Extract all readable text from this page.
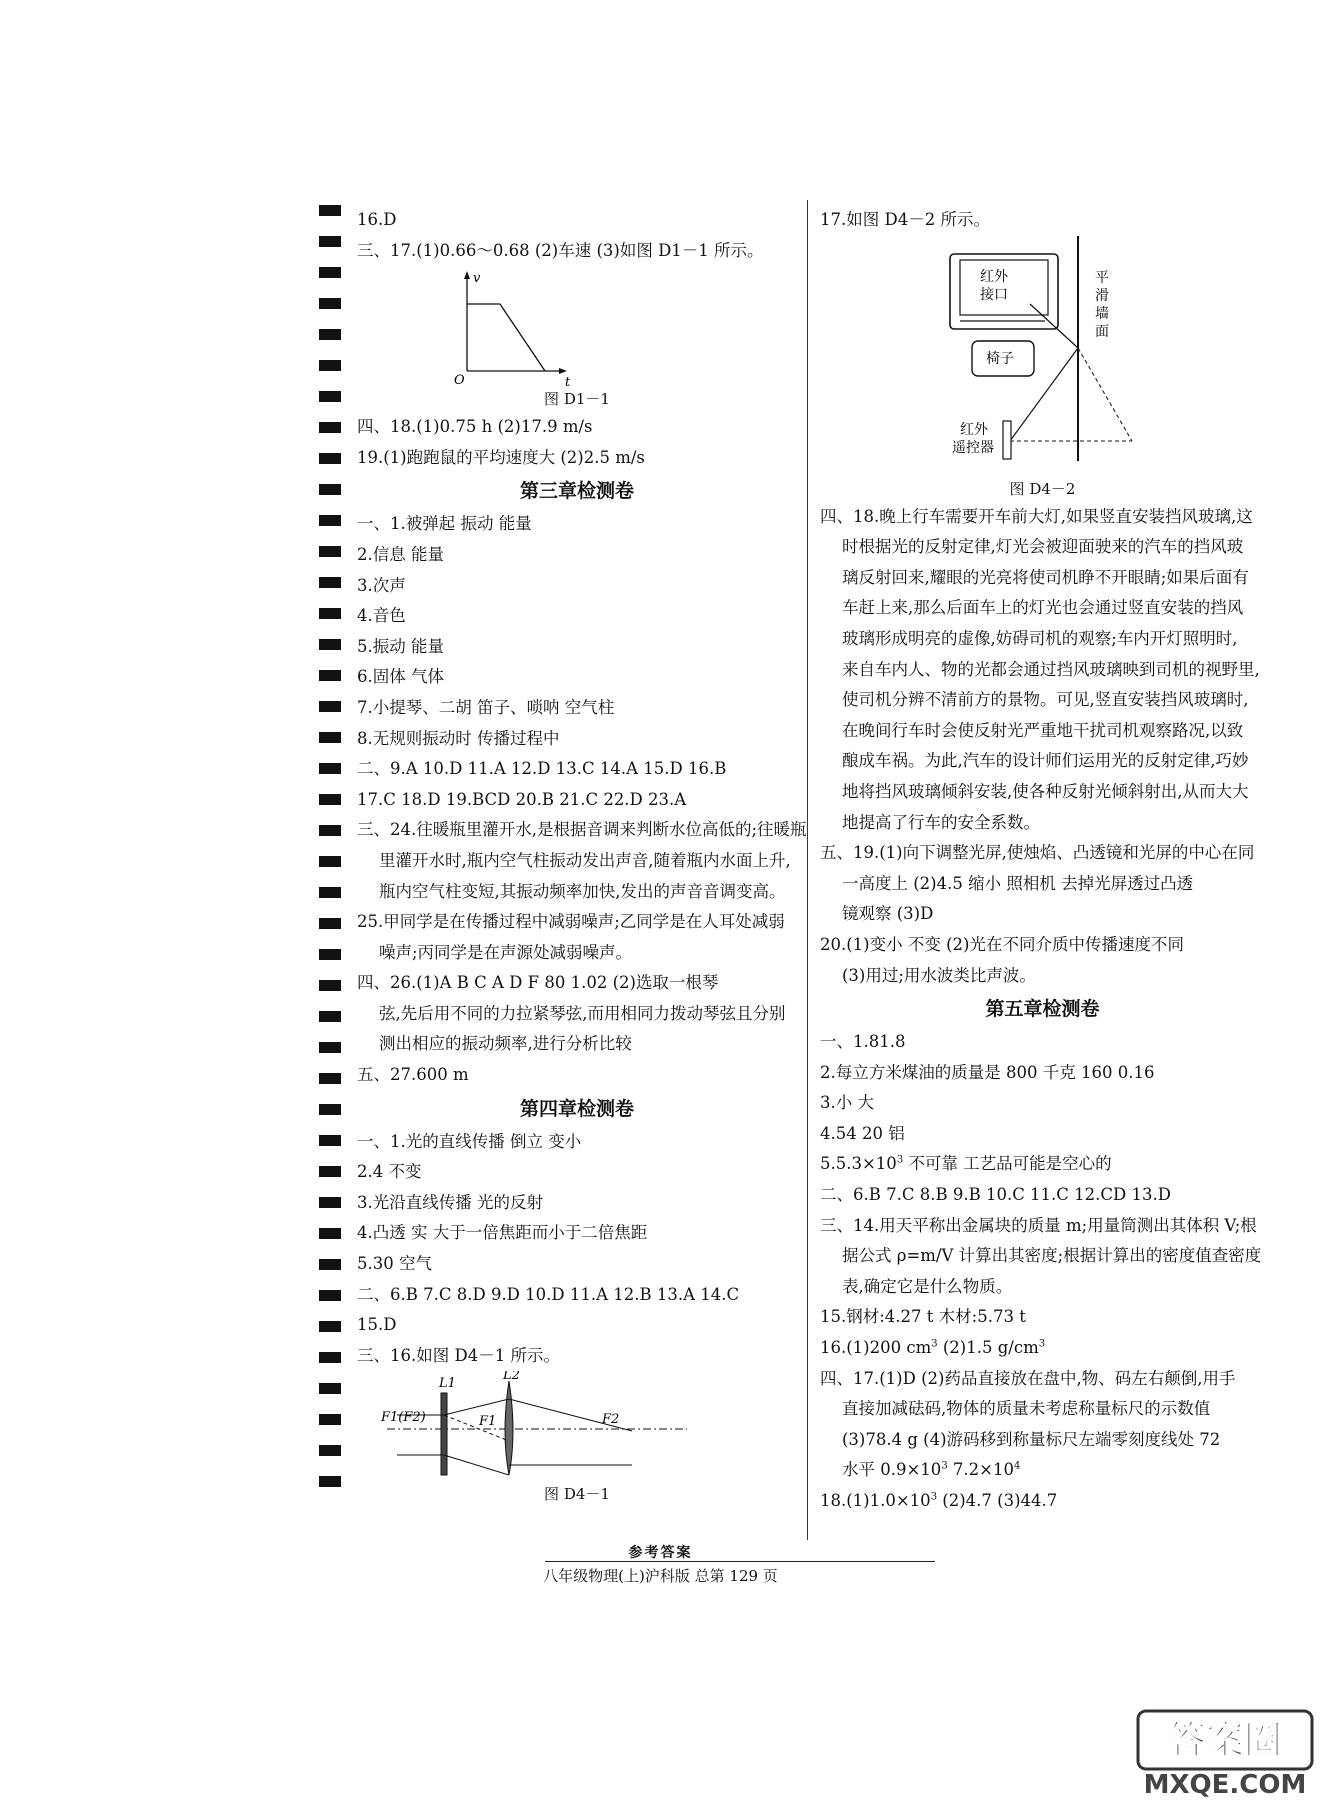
16.D
三、17.(1)0.66～0.68 (2)车速 (3)如图 D1－1 所示。
v
t
O
图 D1－1
四、18.(1)0.75 h (2)17.9 m/s
19.(1)跑跑鼠的平均速度大 (2)2.5 m/s
第三章检测卷
一、1.被弹起 振动 能量
2.信息 能量
3.次声
4.音色
5.振动 能量
6.固体 气体
7.小提琴、二胡 笛子、唢呐 空气柱
8.无规则振动时 传播过程中
二、9.A 10.D 11.A 12.D 13.C 14.A 15.D 16.B
17.C 18.D 19.BCD 20.B 21.C 22.D 23.A
三、24.往暖瓶里灌开水,是根据音调来判断水位高低的;往暖瓶
里灌开水时,瓶内空气柱振动发出声音,随着瓶内水面上升,
瓶内空气柱变短,其振动频率加快,发出的声音音调变高。
25.甲同学是在传播过程中减弱噪声;乙同学是在人耳处减弱
噪声;丙同学是在声源处减弱噪声。
四、26.(1)A B C A D F 80 1.02 (2)选取一根琴
弦,先后用不同的力拉紧琴弦,而用相同力拨动琴弦且分别
测出相应的振动频率,进行分析比较
五、27.600 m
第四章检测卷
一、1.光的直线传播 倒立 变小
2.4 不变
3.光沿直线传播 光的反射
4.凸透 实 大于一倍焦距而小于二倍焦距
5.30 空气
二、6.B 7.C 8.D 9.D 10.D 11.A 12.B 13.A 14.C
15.D
三、16.如图 D4－1 所示。
L1
L2
F1(F2)	F1	F2
图 D4－1
17.如图 D4－2 所示。
红外
接口
椅子
平
滑
墙
面
红外
遥控器
图 D4－2
四、18.晚上行车需要开车前大灯,如果竖直安装挡风玻璃,这
时根据光的反射定律,灯光会被迎面驶来的汽车的挡风玻
璃反射回来,耀眼的光亮将使司机睁不开眼睛;如果后面有
车赶上来,那么后面车上的灯光也会通过竖直安装的挡风
玻璃形成明亮的虚像,妨碍司机的观察;车内开灯照明时,
来自车内人、物的光都会通过挡风玻璃映到司机的视野里,
使司机分辨不清前方的景物。可见,竖直安装挡风玻璃时,
在晚间行车时会使反射光严重地干扰司机观察路况,以致
酿成车祸。为此,汽车的设计师们运用光的反射定律,巧妙
地将挡风玻璃倾斜安装,使各种反射光倾斜射出,从而大大
地提高了行车的安全系数。
五、19.(1)向下调整光屏,使烛焰、凸透镜和光屏的中心在同
一高度上 (2)4.5 缩小 照相机 去掉光屏透过凸透
镜观察 (3)D
20.(1)变小 不变 (2)光在不同介质中传播速度不同
(3)用过;用水波类比声波。
第五章检测卷
一、1.81.8
2.每立方米煤油的质量是 800 千克 160 0.16
3.小 大
4.54 20 铝
$5.5.3\times 10^3$ 不可靠 工艺品可能是空心的
二、6.B 7.C 8.B 9.B 10.C 11.C 12.CD 13.D
三、14.用天平称出金属块的质量 m;用量筒测出其体积 V;根
据公式 ρ=m/V 计算出其密度;根据计算出的密度值查密度
表,确定它是什么物质。
15.钢材:4.27 t 木材:5.73 t
16.(1)200 $cm^3$ (2)1.5 $g/cm^3$
四、17.(1)D (2)药品直接放在盘中,物、码左右颠倒,用手
直接加减砝码,物体的质量未考虑称量标尺的示数值
(3)78.4 g (4)游码移到称量标尺左端零刻度线处 72
水平 $0.9\times 10^3$ $7.2\times 10^4$
$18.(1)1.0\times 10^3$ (2)4.7 (3)44.7
参考答案
八年级物理(上)沪科版 总第 129 页
答案圈
MXQE.COM
